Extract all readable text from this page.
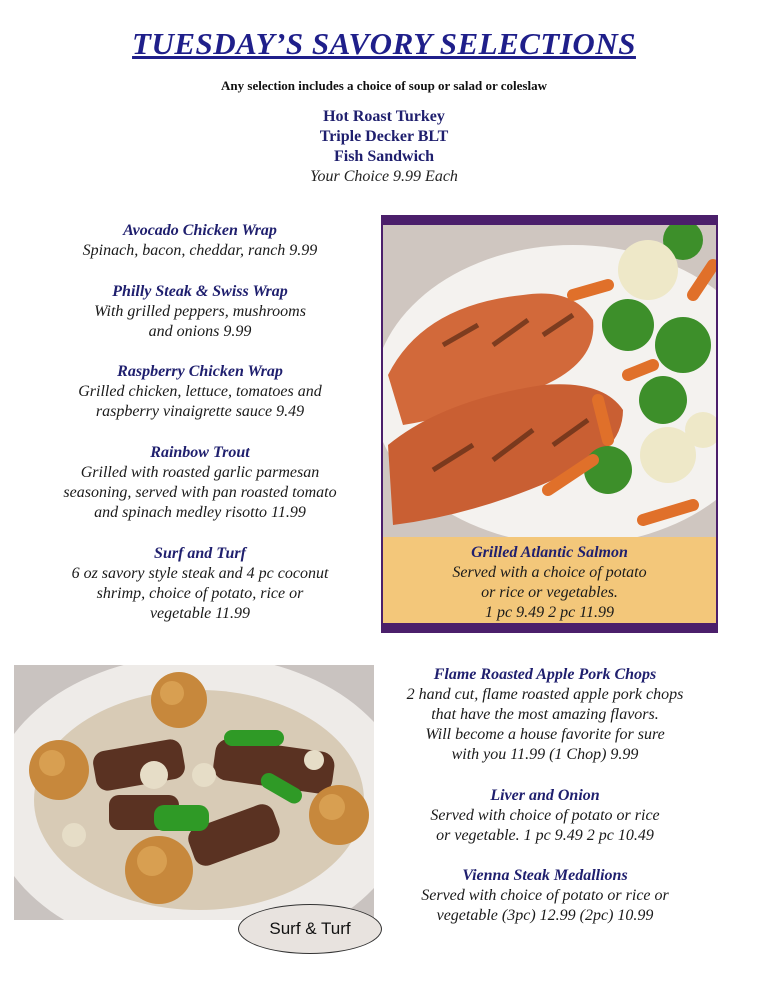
TUESDAY’S SAVORY SELECTIONS
Any selection includes a choice of soup or salad or coleslaw
Hot Roast Turkey
Triple Decker BLT
Fish Sandwich
Your Choice 9.99 Each
Avocado Chicken Wrap
Spinach, bacon, cheddar, ranch 9.99
Philly Steak & Swiss Wrap
With grilled peppers, mushrooms
and onions 9.99
Raspberry Chicken Wrap
Grilled chicken, lettuce, tomatoes and
raspberry vinaigrette sauce 9.49
Rainbow Trout
Grilled with roasted garlic parmesan
seasoning, served with pan roasted tomato
and spinach medley risotto 11.99
Surf and Turf
6 oz savory style steak and 4 pc coconut
shrimp, choice of potato, rice or
vegetable 11.99
Grilled Atlantic Salmon
Served with a choice of potato
or rice or vegetables.
1 pc 9.49 2 pc 11.99
Surf & Turf
Flame Roasted Apple Pork Chops
2 hand cut, flame roasted apple pork chops
that have the most amazing flavors.
Will become a house favorite for sure
with you 11.99 (1 Chop) 9.99
Liver and Onion
Served with choice of potato or rice
or vegetable. 1 pc 9.49 2 pc 10.49
Vienna Steak Medallions
Served with choice of potato or rice or
vegetable (3pc) 12.99 (2pc) 10.99
